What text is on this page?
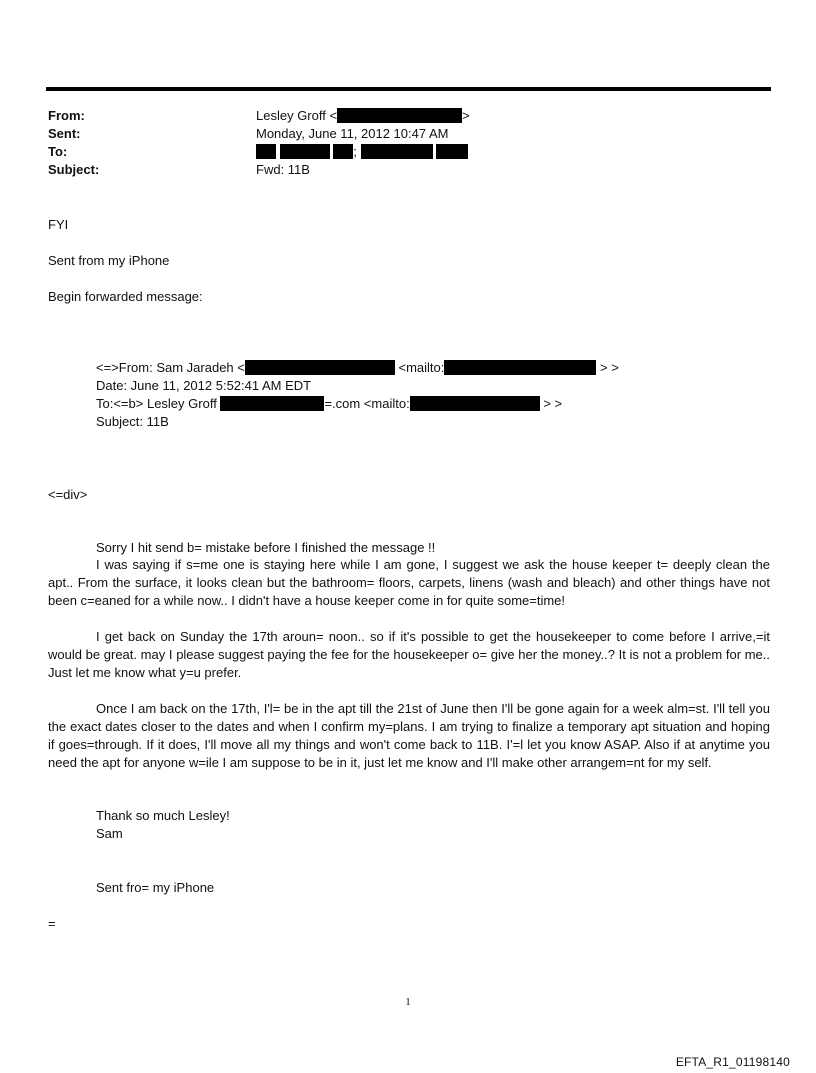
From:	Lesley Groff <	>
Sent:	Monday, June 11, 2012 10:47 AM
To:	;
Subject:	Fwd: 11B
FYI
Sent from my iPhone
Begin forwarded message:
<=>From: Sam Jaradeh <	<mailto:	> >
Date: June 11, 2012 5:52:41 AM EDT
To:<=b> Lesley Groff	=.com <mailto:	> >
Subject: 11B
<=div>
Sorry I hit send b= mistake before I finished the message !!
I was saying if s=me one is staying here while I am gone, I suggest we ask the house keeper t= deeply clean the apt.. From the surface, it looks clean but the bathroom= floors, carpets, linens (wash and bleach) and other things have not been c=eaned for a while now.. I didn't have a house keeper come in for quite some=time!
I get back on Sunday the 17th aroun= noon.. so if it's possible to get the housekeeper to come before I arrive,=it would be great. may I please suggest paying the fee for the housekeeper o= give her the money..? It is not a problem for me.. Just let me know what y=u prefer.
Once I am back on the 17th, I'l= be in the apt till the 21st of June then I'll be gone again for a week alm=st. I'll tell you the exact dates closer to the dates and when I confirm my=plans. I am trying to finalize a temporary apt situation and hoping if goes=through. If it does, I'll move all my things and won't come back to 11B. I'=l let you know ASAP. Also if at anytime you need the apt for anyone w=ile I am suppose to be in it, just let me know and I'll make other arrangem=nt for my self.
Thank so much Lesley!
Sam
Sent fro= my iPhone
=
1
EFTA_R1_01198140
